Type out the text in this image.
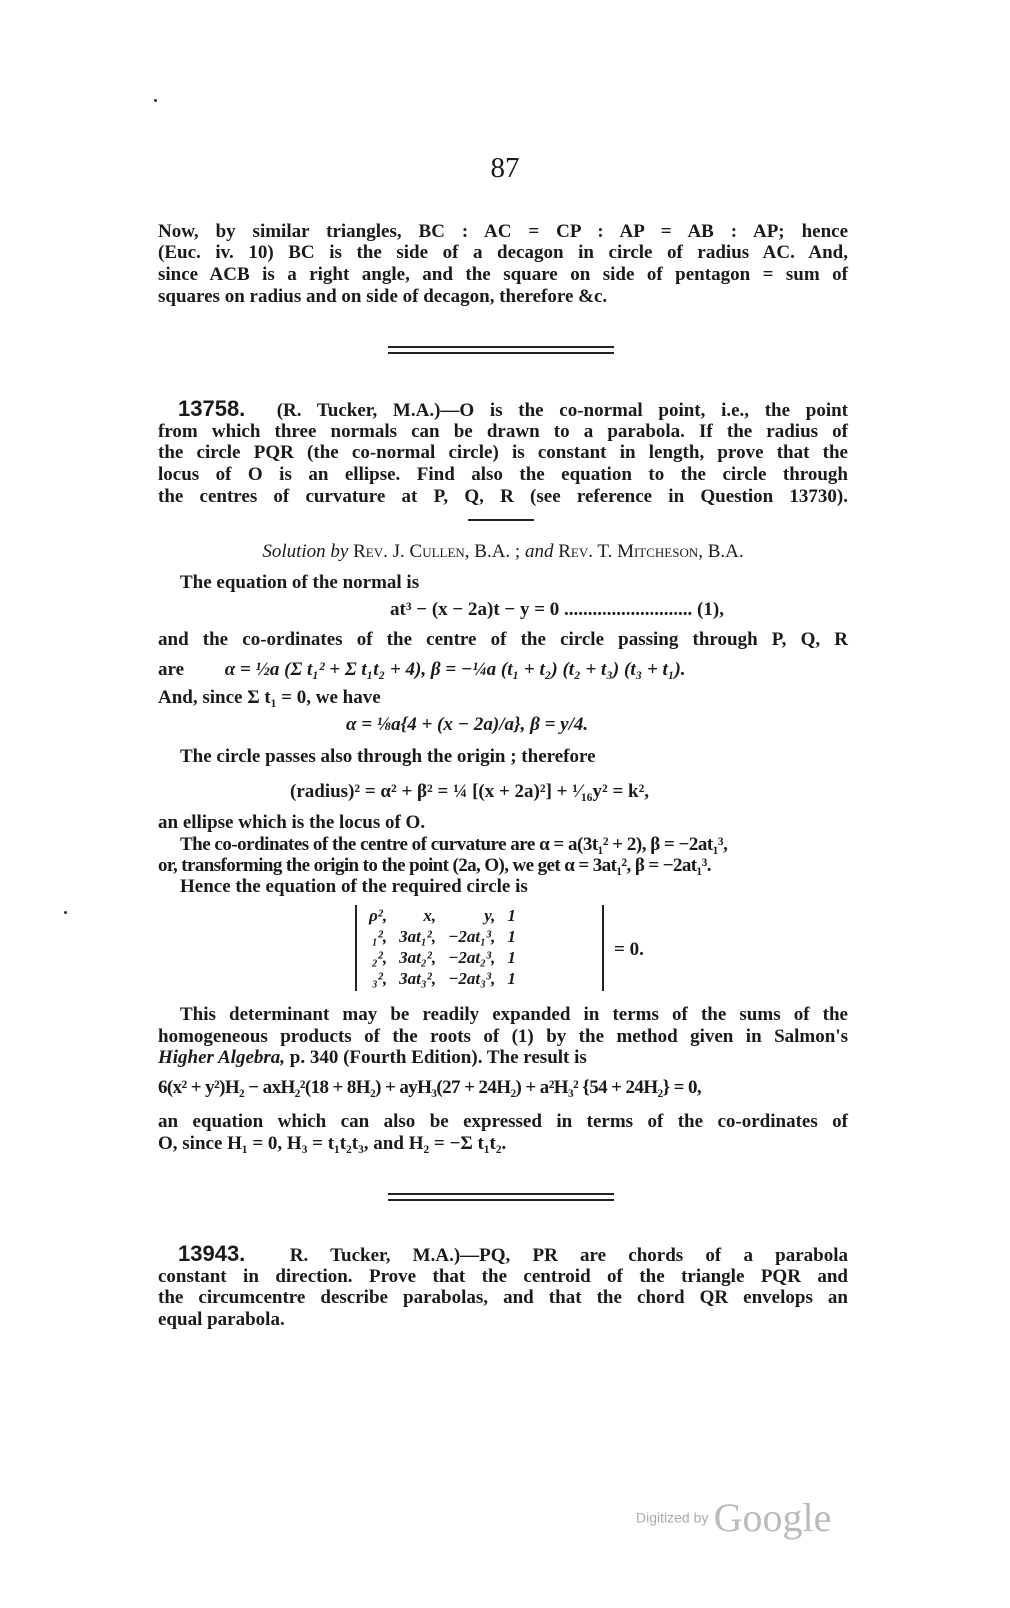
87
Now, by similar triangles, BC : AC = CP : AP = AB : AP; hence
(Euc. iv. 10) BC is the side of a decagon in circle of radius AC. And,
since ACB is a right angle, and the square on side of pentagon = sum of
squares on radius and on side of decagon, therefore &c.
13758. (R. Tucker, M.A.)—O is the co-normal point, i.e., the point
from which three normals can be drawn to a parabola. If the radius of
the circle PQR (the co-normal circle) is constant in length, prove that the
locus of O is an ellipse. Find also the equation to the circle through
the centres of curvature at P, Q, R (see reference in Question 13730).
Solution by Rev. J. Cullen, B.A. ; and Rev. T. Mitcheson, B.A.
The equation of the normal is
at³ − (x − 2a)t − y = 0 ........................... (1),
and the co-ordinates of the centre of the circle passing through P, Q, R
are α = ½a (Σ t₁² + Σ t₁t₂ + 4), β = −¼a (t₁ + t₂) (t₂ + t₃) (t₃ + t₁).
And, since Σ t₁ = 0, we have
α = ⅛a{4 + (x − 2a)/a}, β = y/4.
The circle passes also through the origin ; therefore
(radius)² = α² + β² = ¼ [(x + 2a)²] + ¹⁄₁₆y² = k²,
an ellipse which is the locus of O.
The co-ordinates of the centre of curvature are α = a(3t₁² + 2), β = −2at₁³,
or, transforming the origin to the point (2a, O), we get α = 3at₁², β = −2at₁³.
Hence the equation of the required circle is
ρ²,	x,	y,	1
₁²,	3at₁²,	−2at₁³,	1
₂²,	3at₂²,	−2at₂³,	1
₃²,	3at₃²,	−2at₃³,	1
= 0.
This determinant may be readily expanded in terms of the sums of the
homogeneous products of the roots of (1) by the method given in Salmon's
Higher Algebra, p. 340 (Fourth Edition). The result is
6(x² + y²)H₂ − axH₂²(18 + 8H₂) + ayH₃(27 + 24H₂) + a²H₃² {54 + 24H₂} = 0,
an equation which can also be expressed in terms of the co-ordinates of
O, since H₁ = 0, H₃ = t₁t₂t₃, and H₂ = −Σ t₁t₂.
13943. R. Tucker, M.A.)—PQ, PR are chords of a parabola
constant in direction. Prove that the centroid of the triangle PQR and
the circumcentre describe parabolas, and that the chord QR envelops an
equal parabola.
Digitized by Google
